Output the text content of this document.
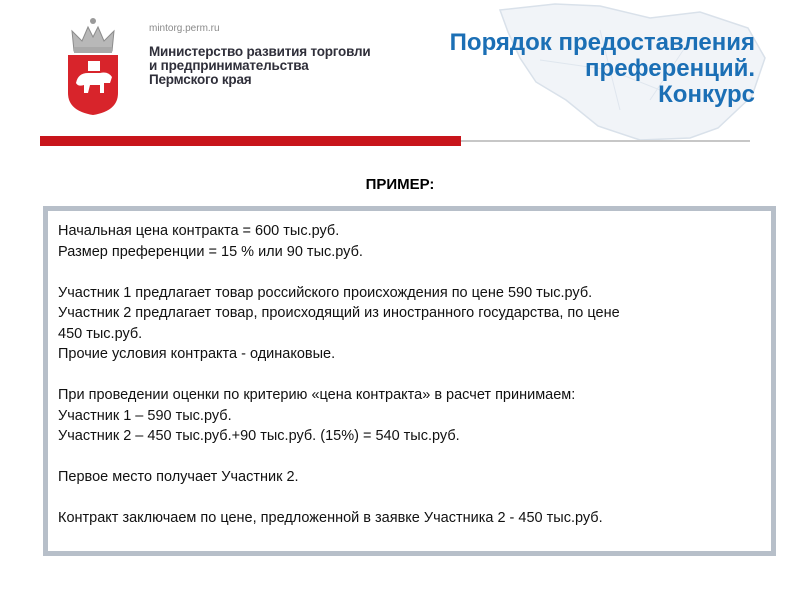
mintorg.perm.ru
Министерство развития торговли
и предпринимательства
Пермского края
Порядок предоставления
преференций.
Конкурс
ПРИМЕР:
Начальная цена контракта = 600 тыс.руб.
Размер преференции = 15 % или 90 тыс.руб.
Участник 1 предлагает товар российского происхождения по цене 590 тыс.руб.
Участник 2 предлагает товар, происходящий из иностранного государства, по цене
450 тыс.руб.
Прочие условия контракта - одинаковые.
При проведении оценки по критерию «цена контракта» в расчет принимаем:
Участник 1 – 590 тыс.руб.
Участник 2 – 450 тыс.руб.+90 тыс.руб. (15%) = 540 тыс.руб.
Первое место получает Участник 2.
Контракт заключаем по цене, предложенной в заявке Участника 2 - 450 тыс.руб.
